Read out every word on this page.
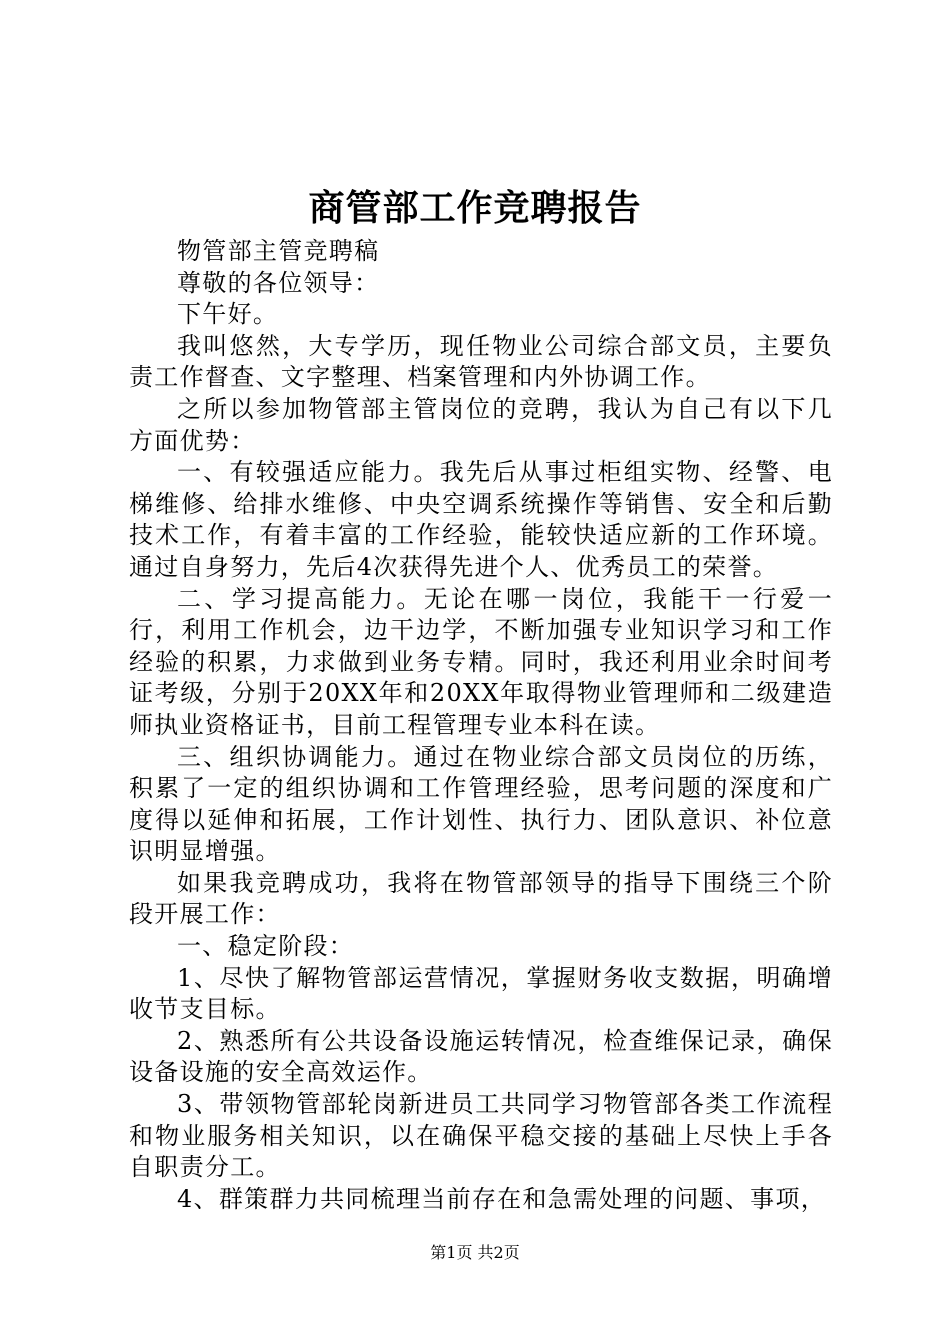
商管部工作竞聘报告

物管部主管竞聘稿

尊敬的各位领导：

下午好。

我叫悠然，大专学历，现任物业公司综合部文员，主要负责工作督查、文字整理、档案管理和内外协调工作。

之所以参加物管部主管岗位的竞聘，我认为自己有以下几方面优势：

一、有较强适应能力。我先后从事过柜组实物、经警、电梯维修、给排水维修、中央空调系统操作等销售、安全和后勤技术工作，有着丰富的工作经验，能较快适应新的工作环境。通过自身努力，先后4次获得先进个人、优秀员工的荣誉。

二、学习提高能力。无论在哪一岗位，我能干一行爱一行，利用工作机会，边干边学，不断加强专业知识学习和工作经验的积累，力求做到业务专精。同时，我还利用业余时间考证考级，分别于20XX年和20XX年取得物业管理师和二级建造师执业资格证书，目前工程管理专业本科在读。

三、组织协调能力。通过在物业综合部文员岗位的历练，积累了一定的组织协调和工作管理经验，思考问题的深度和广度得以延伸和拓展，工作计划性、执行力、团队意识、补位意识明显增强。

如果我竞聘成功，我将在物管部领导的指导下围绕三个阶段开展工作：

一、稳定阶段：

1、尽快了解物管部运营情况，掌握财务收支数据，明确增收节支目标。

2、熟悉所有公共设备设施运转情况，检查维保记录，确保设备设施的安全高效运作。

3、带领物管部轮岗新进员工共同学习物管部各类工作流程和物业服务相关知识，以在确保平稳交接的基础上尽快上手各自职责分工。

4、群策群力共同梳理当前存在和急需处理的问题、事项，

第1页 共2页
